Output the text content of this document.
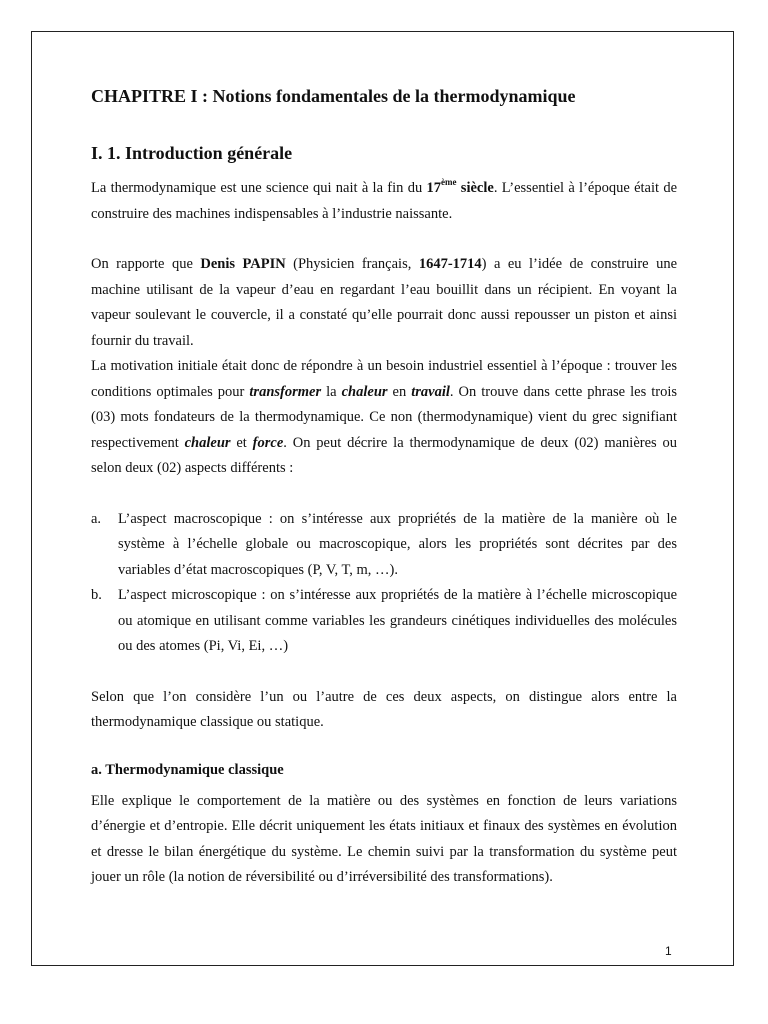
CHAPITRE I : Notions fondamentales de la thermodynamique
I. 1. Introduction générale

La thermodynamique est une science qui nait à la fin du 17ème siècle. L’essentiel à l’époque était de construire des machines indispensables à l’industrie naissante.

On rapporte que Denis PAPIN (Physicien français, 1647-1714) a eu l’idée de construire une machine utilisant de la vapeur d’eau en regardant l’eau bouillit dans un récipient. En voyant la vapeur soulevant le couvercle, il a constaté qu’elle pourrait donc aussi repousser un piston et ainsi fournir du travail.

La motivation initiale était donc de répondre à un besoin industriel essentiel à l’époque : trouver les conditions optimales pour transformer la chaleur en travail. On trouve dans cette phrase les trois (03) mots fondateurs de la thermodynamique. Ce non (thermodynamique) vient du grec signifiant respectivement chaleur et force. On peut décrire la thermodynamique de deux (02) manières ou selon deux (02) aspects différents :

a. L’aspect macroscopique : on s’intéresse aux propriétés de la matière de la manière où le système à l’échelle globale ou macroscopique, alors les propriétés sont décrites par des variables d’état macroscopiques (P, V, T, m, …).
b. L’aspect microscopique : on s’intéresse aux propriétés de la matière à l’échelle microscopique ou atomique en utilisant comme variables les grandeurs cinétiques individuelles des molécules ou des atomes (Pi, Vi, Ei, …)

Selon que l’on considère l’un ou l’autre de ces deux aspects, on distingue alors entre la thermodynamique classique ou statique.

a. Thermodynamique classique

Elle explique le comportement de la matière ou des systèmes en fonction de leurs variations d’énergie et d’entropie. Elle décrit uniquement les états initiaux et finaux des systèmes en évolution et dresse le bilan énergétique du système. Le chemin suivi par la transformation du système peut jouer un rôle (la notion de réversibilité ou d’irréversibilité des transformations).

1
